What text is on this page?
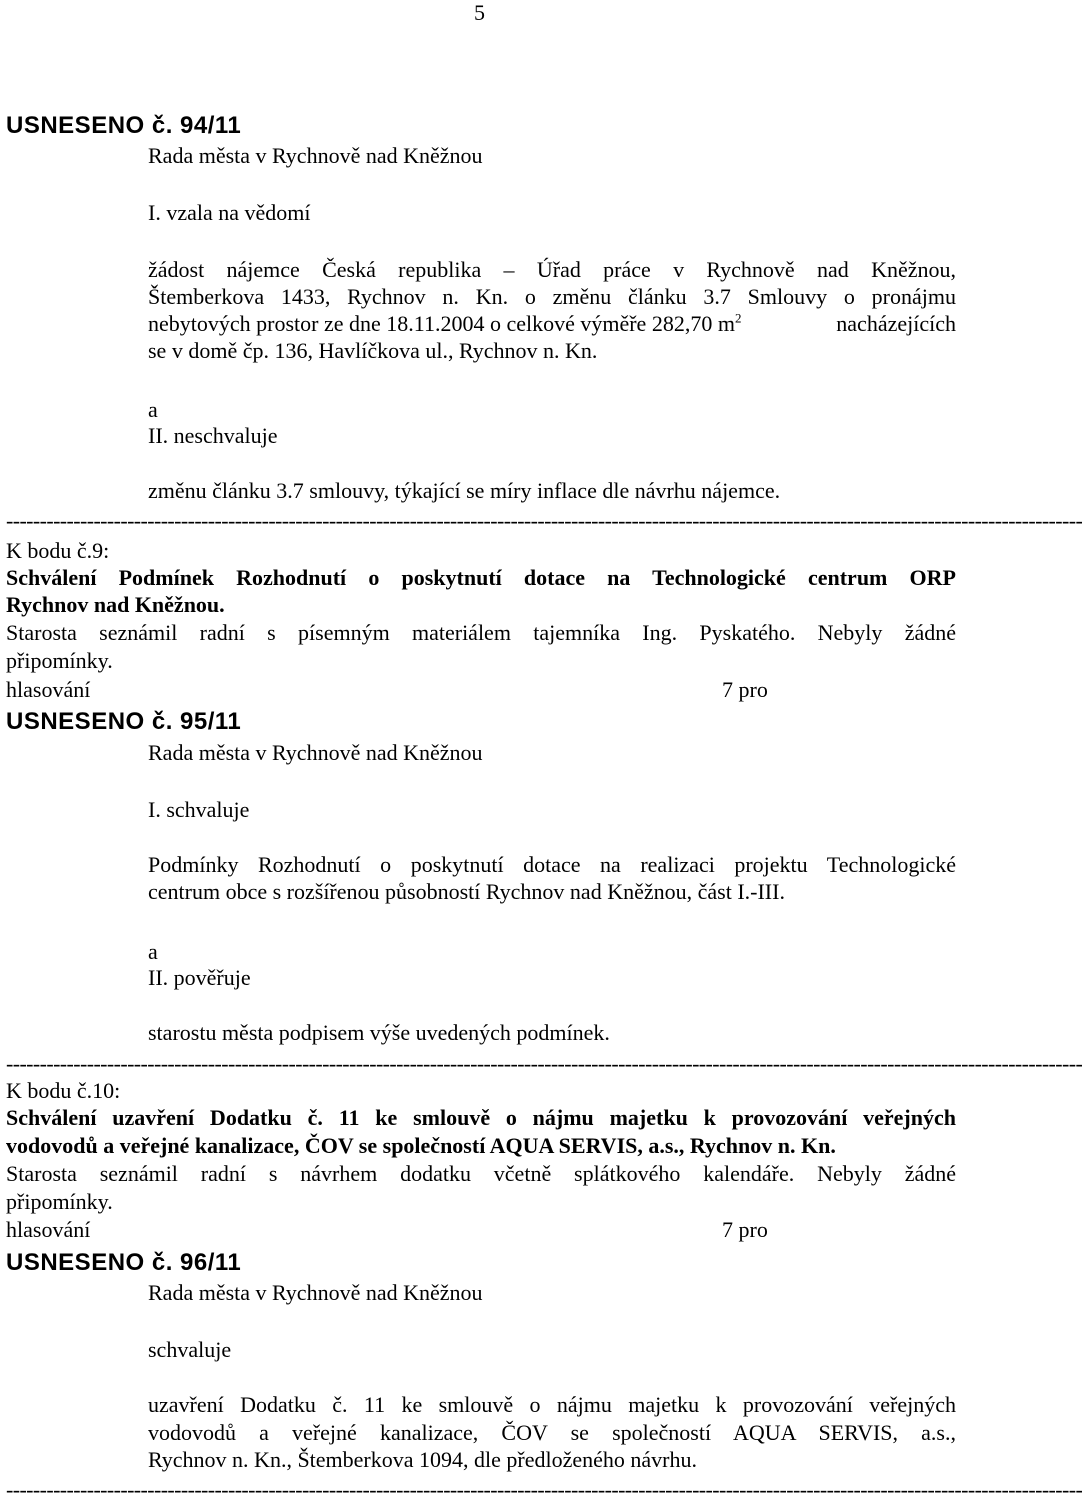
5
USNESENO č. 94/11
Rada města v Rychnově nad Kněžnou
I. vzala na vědomí
žádost nájemce Česká republika – Úřad práce v Rychnově nad Kněžnou,
Štemberkova 1433, Rychnov n. Kn. o změnu článku 3.7 Smlouvy o pronájmu
nebytových prostor ze dne 18.11.2004 o celkové výměře 282,70 $m^2$	nacházejících
se v domě čp. 136, Havlíčkova ul., Rychnov n. Kn.
a
II. neschvaluje
změnu článku 3.7 smlouvy, týkající se míry inflace dle návrhu nájemce.
----------------------------------------------------------------------------------------------------------------------------------------------------------------
K bodu č.9:
Schválení Podmínek Rozhodnutí o poskytnutí dotace na Technologické centrum ORP
Rychnov nad Kněžnou.
Starosta seznámil radní s písemným materiálem tajemníka Ing. Pyskatého. Nebyly žádné
připomínky.
hlasování	7 pro
USNESENO č. 95/11
Rada města v Rychnově nad Kněžnou
I. schvaluje
Podmínky Rozhodnutí o poskytnutí dotace na realizaci projektu Technologické
centrum obce s rozšířenou působností Rychnov nad Kněžnou, část I.-III.
a
II. pověřuje
starostu města podpisem výše uvedených podmínek.
----------------------------------------------------------------------------------------------------------------------------------------------------------------
K bodu č.10:
Schválení uzavření Dodatku č. 11 ke smlouvě o nájmu majetku k provozování veřejných
vodovodů a veřejné kanalizace, ČOV se společností AQUA SERVIS, a.s., Rychnov n. Kn.
Starosta seznámil radní s návrhem dodatku včetně splátkového kalendáře. Nebyly žádné
připomínky.
hlasování	7 pro
USNESENO č. 96/11
Rada města v Rychnově nad Kněžnou
schvaluje
uzavření Dodatku č. 11 ke smlouvě o nájmu majetku k provozování veřejných
vodovodů a veřejné kanalizace, ČOV se společností AQUA SERVIS, a.s.,
Rychnov n. Kn., Štemberkova 1094, dle předloženého návrhu.
----------------------------------------------------------------------------------------------------------------------------------------------------------------
